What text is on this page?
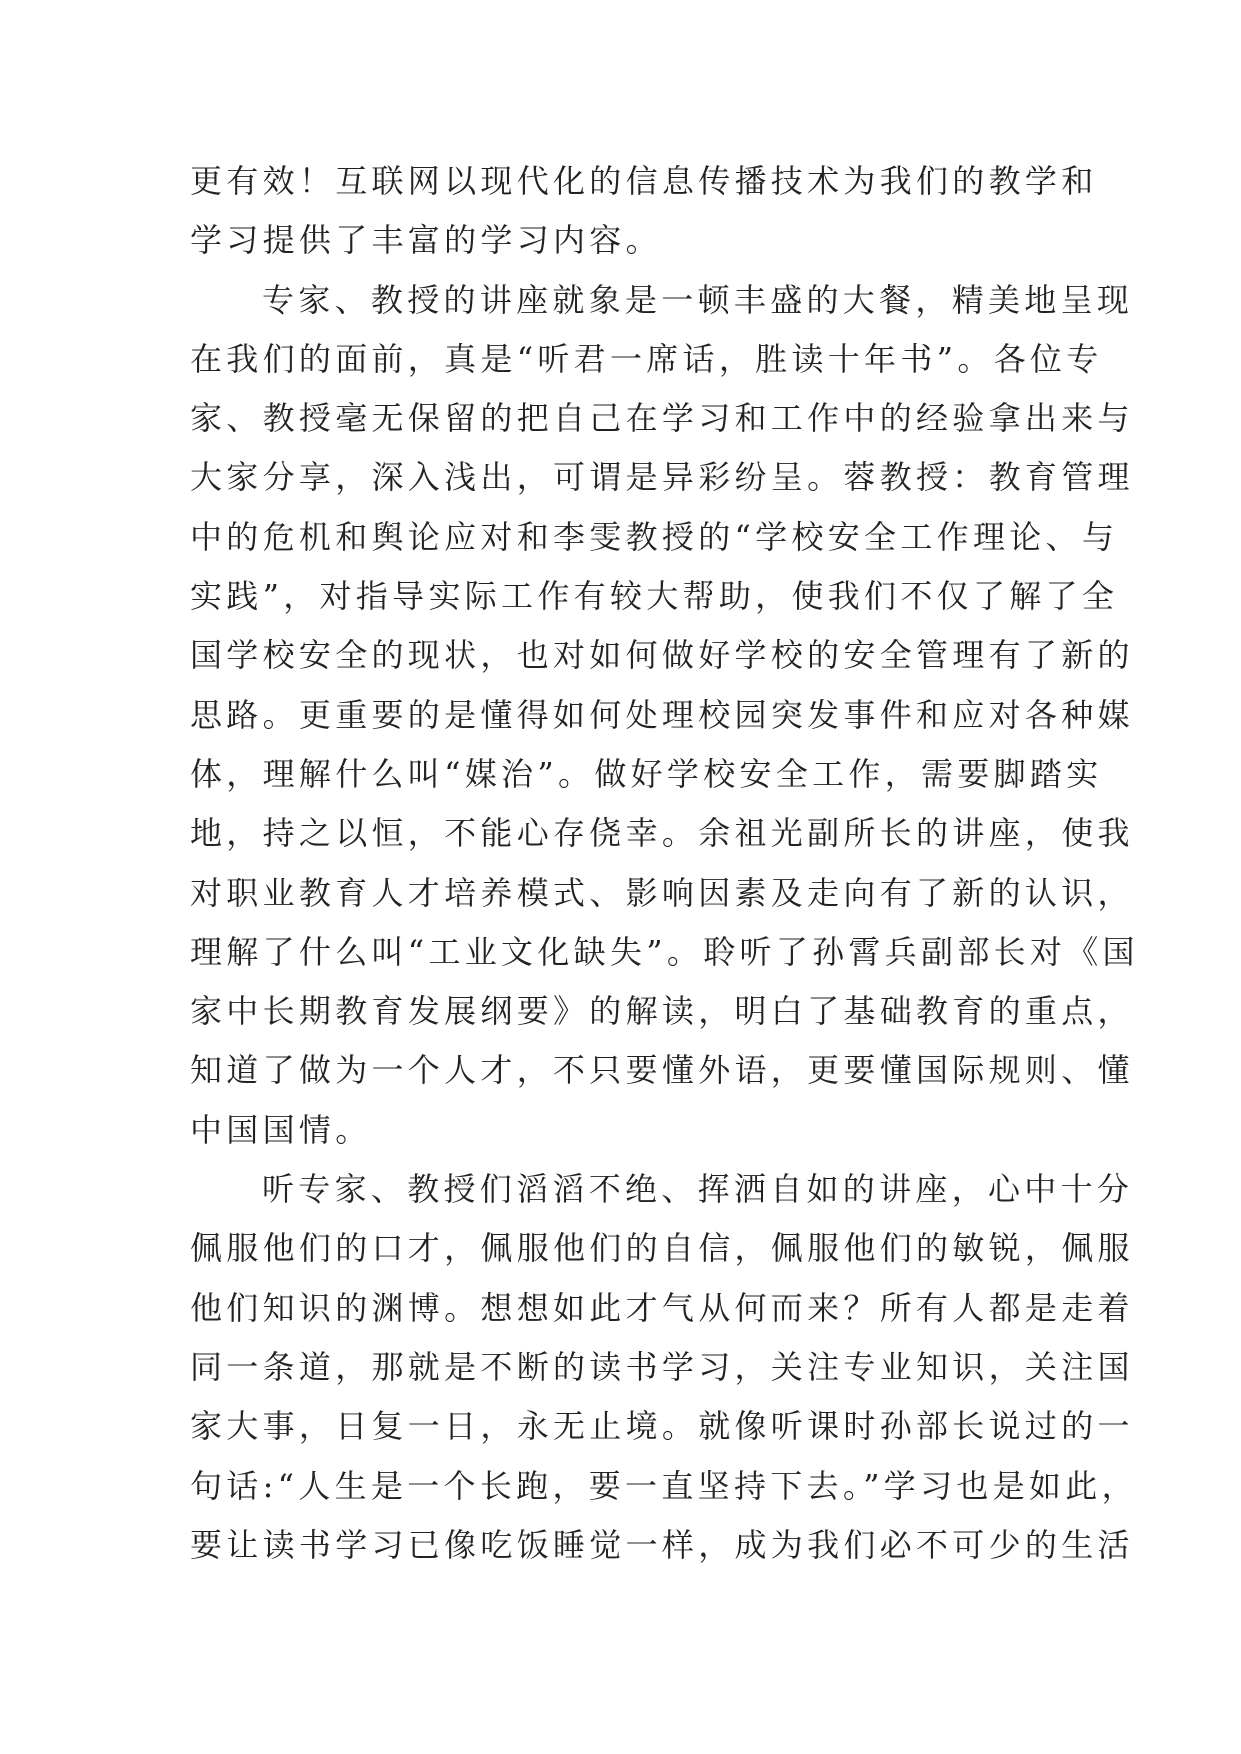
更有效！互联网以现代化的信息传播技术为我们的教学和
学习提供了丰富的学习内容。
专家、教授的讲座就象是一顿丰盛的大餐，精美地呈现
在我们的面前，真是“听君一席话，胜读十年书”。各位专
家、教授毫无保留的把自己在学习和工作中的经验拿出来与
大家分享，深入浅出，可谓是异彩纷呈。蓉教授：教育管理
中的危机和舆论应对和李雯教授的“学校安全工作理论、与
实践”，对指导实际工作有较大帮助，使我们不仅了解了全
国学校安全的现状，也对如何做好学校的安全管理有了新的
思路。更重要的是懂得如何处理校园突发事件和应对各种媒
体，理解什么叫“媒治”。做好学校安全工作，需要脚踏实
地，持之以恒，不能心存侥幸。余祖光副所长的讲座，使我
对职业教育人才培养模式、影响因素及走向有了新的认识，
理解了什么叫“工业文化缺失”。聆听了孙霄兵副部长对《国
家中长期教育发展纲要》的解读，明白了基础教育的重点，
知道了做为一个人才，不只要懂外语，更要懂国际规则、懂
中国国情。
听专家、教授们滔滔不绝、挥洒自如的讲座，心中十分
佩服他们的口才，佩服他们的自信，佩服他们的敏锐，佩服
他们知识的渊博。想想如此才气从何而来？所有人都是走着
同一条道，那就是不断的读书学习，关注专业知识，关注国
家大事，日复一日，永无止境。就像听课时孙部长说过的一
句话:“人生是一个长跑，要一直坚持下去。”学习也是如此，
要让读书学习已像吃饭睡觉一样，成为我们必不可少的生活
